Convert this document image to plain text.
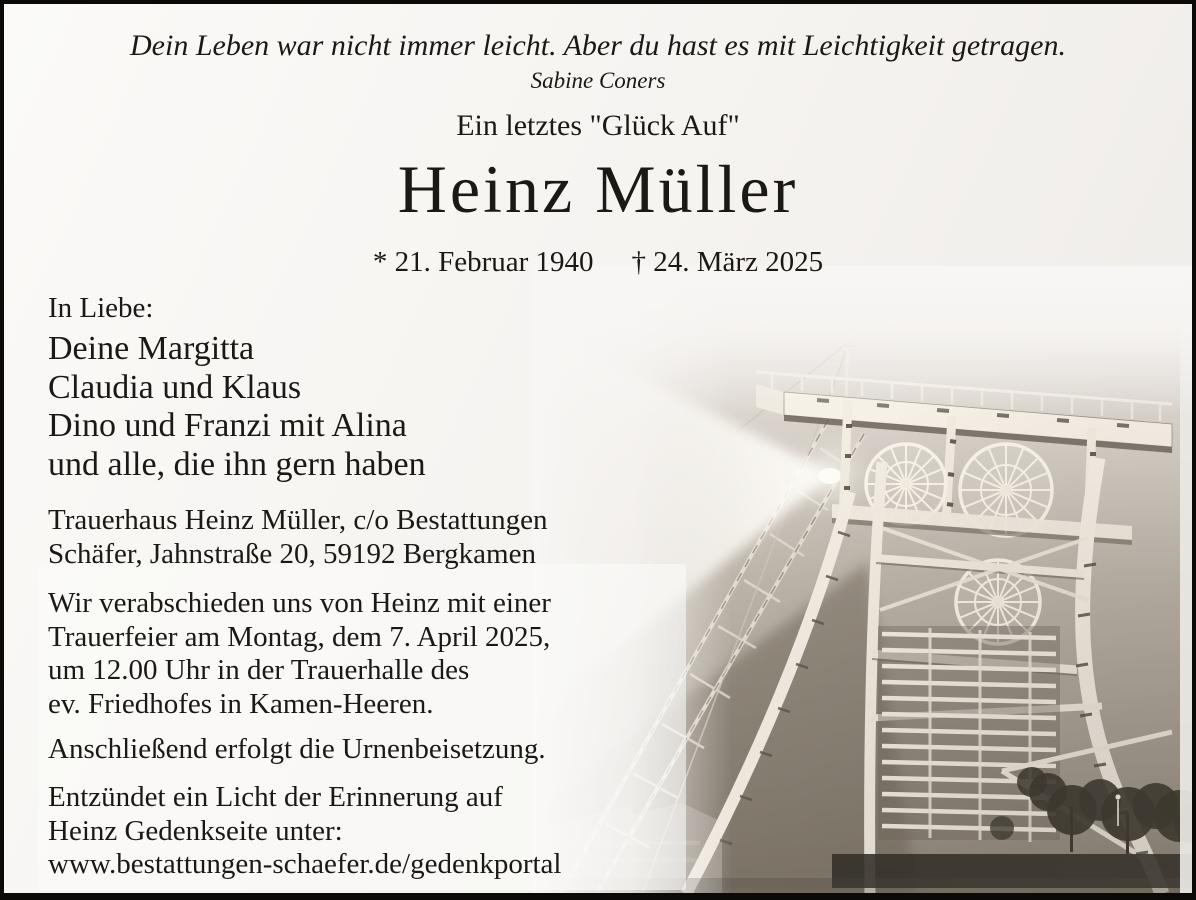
Dein Leben war nicht immer leicht. Aber du hast es mit Leichtigkeit getragen.
Sabine Coners
Ein letztes "Glück Auf"
Heinz Müller
* 21. Februar 1940 † 24. März 2025
In Liebe:
Deine Margitta
Claudia und Klaus
Dino und Franzi mit Alina
und alle, die ihn gern haben
Trauerhaus Heinz Müller, c/o Bestattungen
Schäfer, Jahnstraße 20, 59192 Bergkamen
Wir verabschieden uns von Heinz mit einer
Trauerfeier am Montag, dem 7. April 2025,
um 12.00 Uhr in der Trauerhalle des
ev. Friedhofes in Kamen-Heeren.
Anschließend erfolgt die Urnenbeisetzung.
Entzündet ein Licht der Erinnerung auf
Heinz Gedenkseite unter:
www.bestattungen-schaefer.de/gedenkportal
